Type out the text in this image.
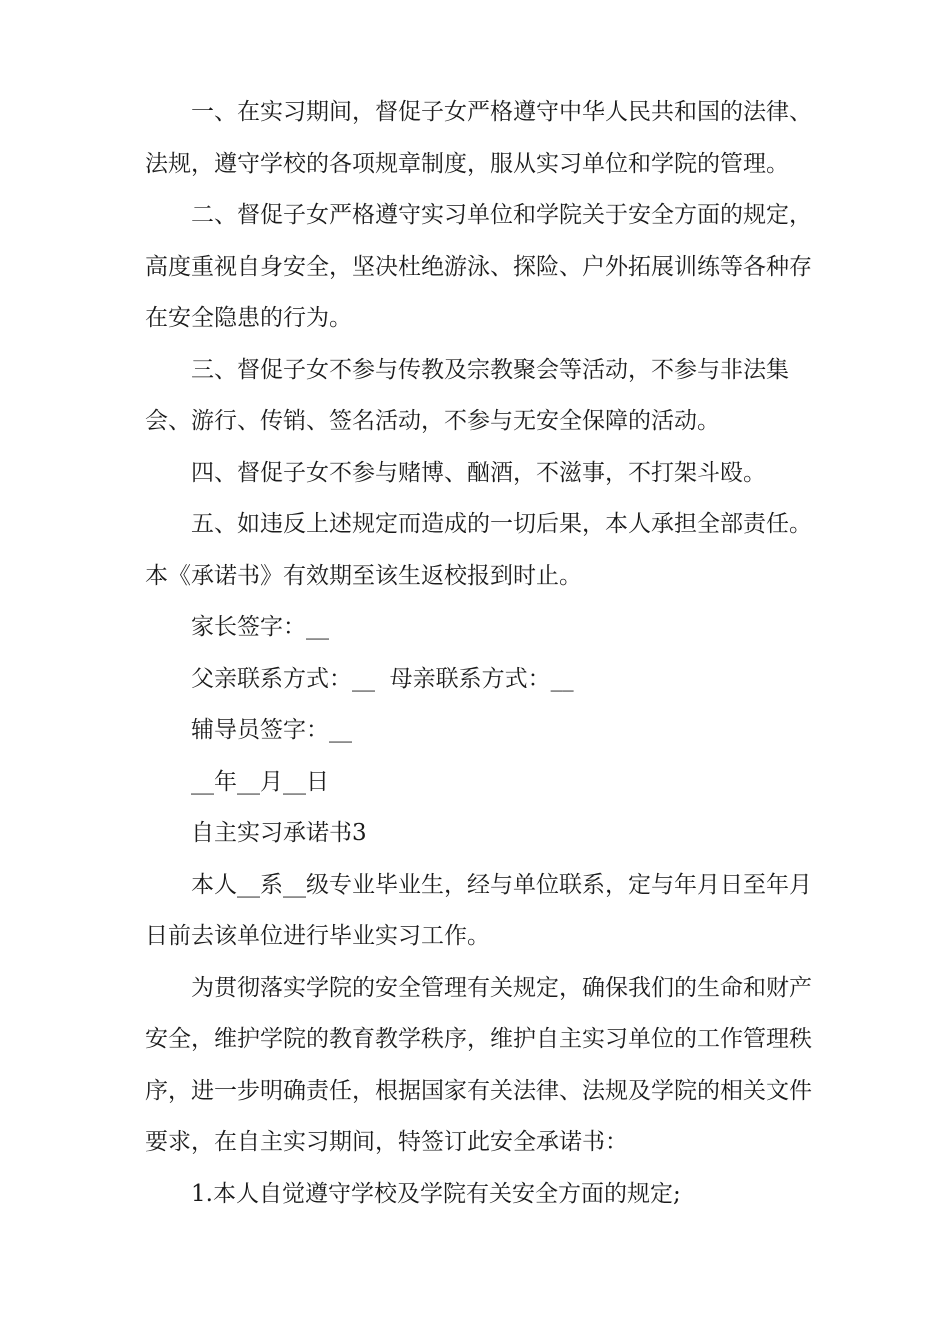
一、在实习期间，督促子女严格遵守中华人民共和国的法律、法规，遵守学校的各项规章制度，服从实习单位和学院的管理。

二、督促子女严格遵守实习单位和学院关于安全方面的规定，高度重视自身安全，坚决杜绝游泳、探险、户外拓展训练等各种存在安全隐患的行为。

三、督促子女不参与传教及宗教聚会等活动，不参与非法集会、游行、传销、签名活动，不参与无安全保障的活动。

四、督促子女不参与赌博、酗酒，不滋事，不打架斗殴。

五、如违反上述规定而造成的一切后果，本人承担全部责任。本《承诺书》有效期至该生返校报到时止。

家长签字：__

父亲联系方式：__  母亲联系方式：__

辅导员签字：__

__年__月__日

自主实习承诺书3

本人__系__级专业毕业生，经与单位联系，定与年月日至年月日前去该单位进行毕业实习工作。

为贯彻落实学院的安全管理有关规定，确保我们的生命和财产安全，维护学院的教育教学秩序，维护自主实习单位的工作管理秩序，进一步明确责任，根据国家有关法律、法规及学院的相关文件要求，在自主实习期间，特签订此安全承诺书：

1.本人自觉遵守学校及学院有关安全方面的规定;
